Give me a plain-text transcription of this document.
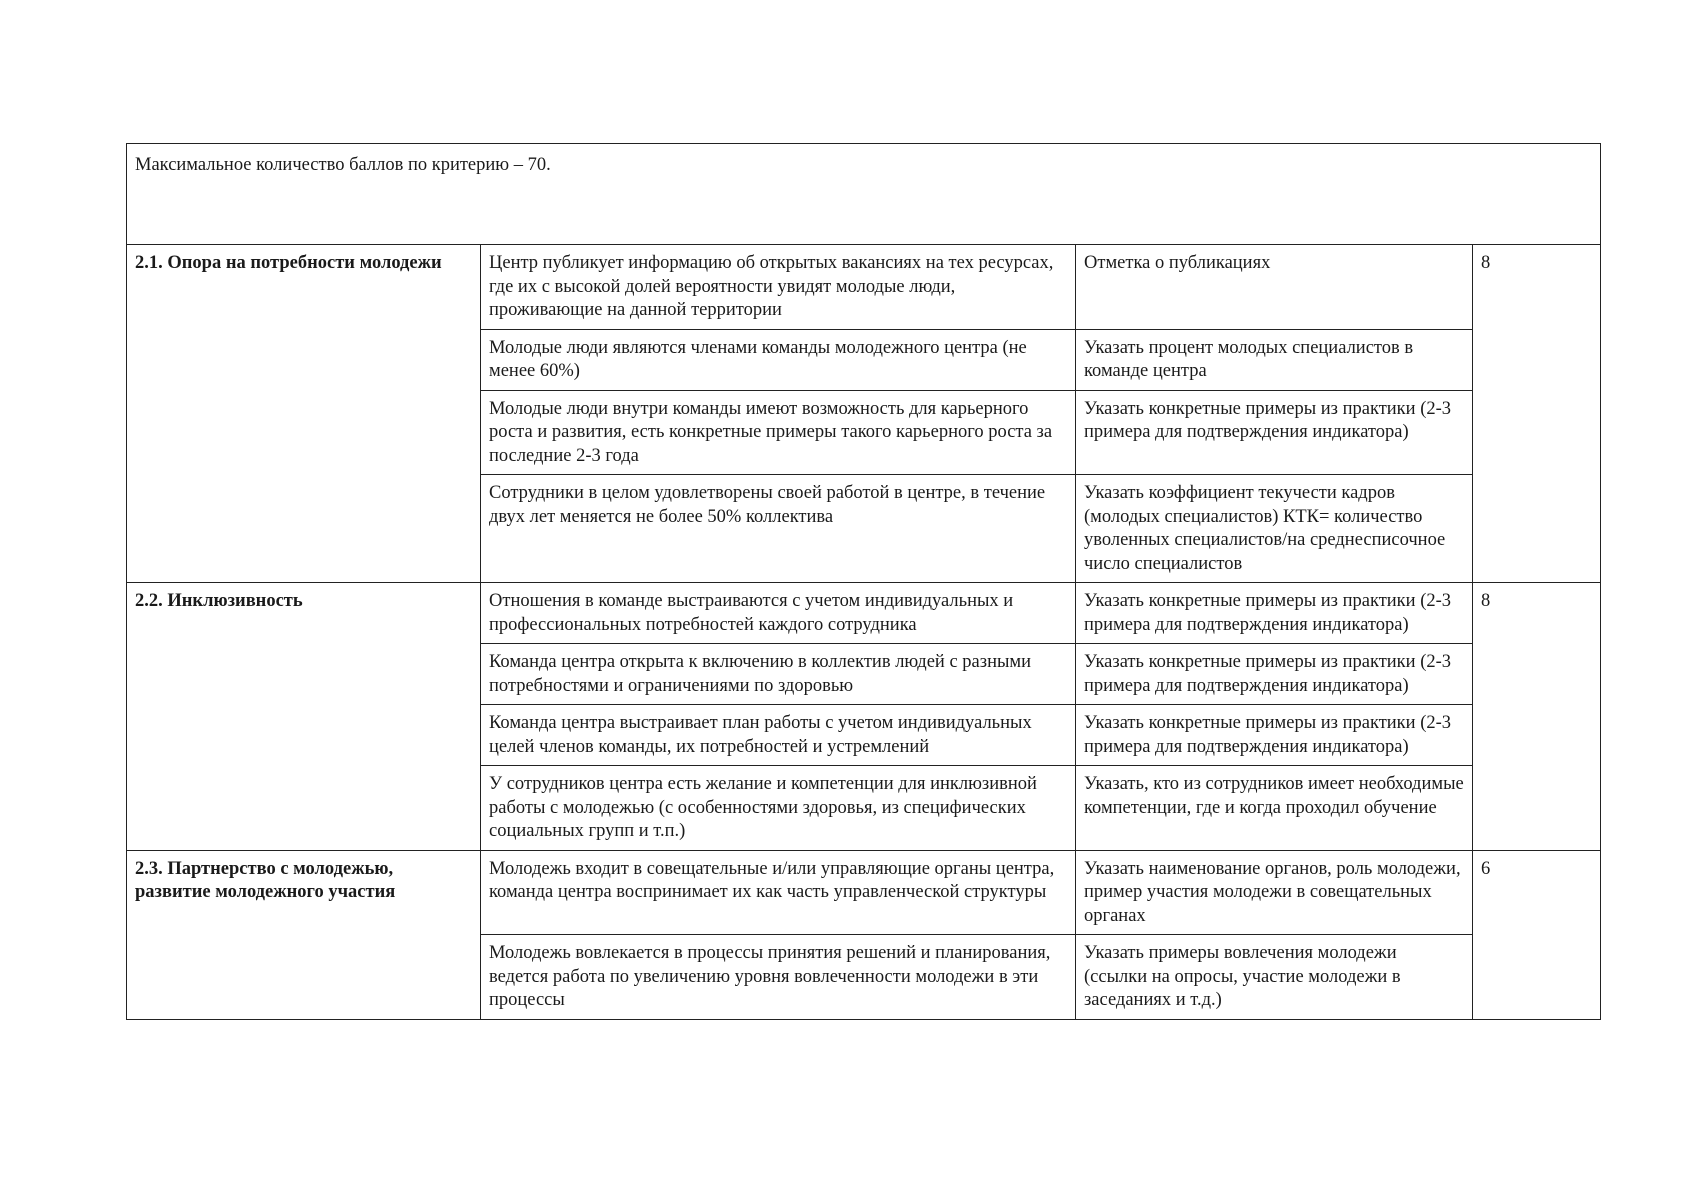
Максимальное количество баллов по критерию – 70.			
2.1. Опора на потребности молодежи	Центр публикует информацию об открытых вакансиях на тех ресурсах, где их с высокой долей вероятности увидят молодые люди, проживающие на данной территории	Отметка о публикациях	8
	Молодые люди являются членами команды молодежного центра (не менее 60%)	Указать процент молодых специалистов в команде центра	
	Молодые люди внутри команды имеют возможность для карьерного роста и развития, есть конкретные примеры такого карьерного роста за последние 2-3 года	Указать конкретные примеры из практики (2-3 примера для подтверждения индикатора)	
	Сотрудники в целом удовлетворены своей работой в центре, в течение двух лет меняется не более 50% коллектива	Указать коэффициент текучести кадров (молодых специалистов) КТК= количество уволенных специалистов/на среднесписочное число специалистов	
2.2. Инклюзивность	Отношения в команде выстраиваются с учетом индивидуальных и профессиональных потребностей каждого сотрудника	Указать конкретные примеры из практики (2-3 примера для подтверждения индикатора)	8
	Команда центра открыта к включению в коллектив людей с разными потребностями и ограничениями по здоровью	Указать конкретные примеры из практики (2-3 примера для подтверждения индикатора)	
	Команда центра выстраивает план работы с учетом индивидуальных целей членов команды, их потребностей и устремлений	Указать конкретные примеры из практики (2-3 примера для подтверждения индикатора)	
	У сотрудников центра есть желание и компетенции для инклюзивной работы с молодежью (с особенностями здоровья, из специфических социальных групп и т.п.)	Указать, кто из сотрудников имеет необходимые компетенции, где и когда проходил обучение	
2.3. Партнерство с молодежью, развитие молодежного участия	Молодежь входит в совещательные и/или управляющие органы центра, команда центра воспринимает их как часть управленческой структуры	Указать наименование органов, роль молодежи, пример участия молодежи в совещательных органах	6
	Молодежь вовлекается в процессы принятия решений и планирования, ведется работа по увеличению уровня вовлеченности молодежи в эти процессы	Указать примеры вовлечения молодежи (ссылки на опросы, участие молодежи в заседаниях и т.д.)	
